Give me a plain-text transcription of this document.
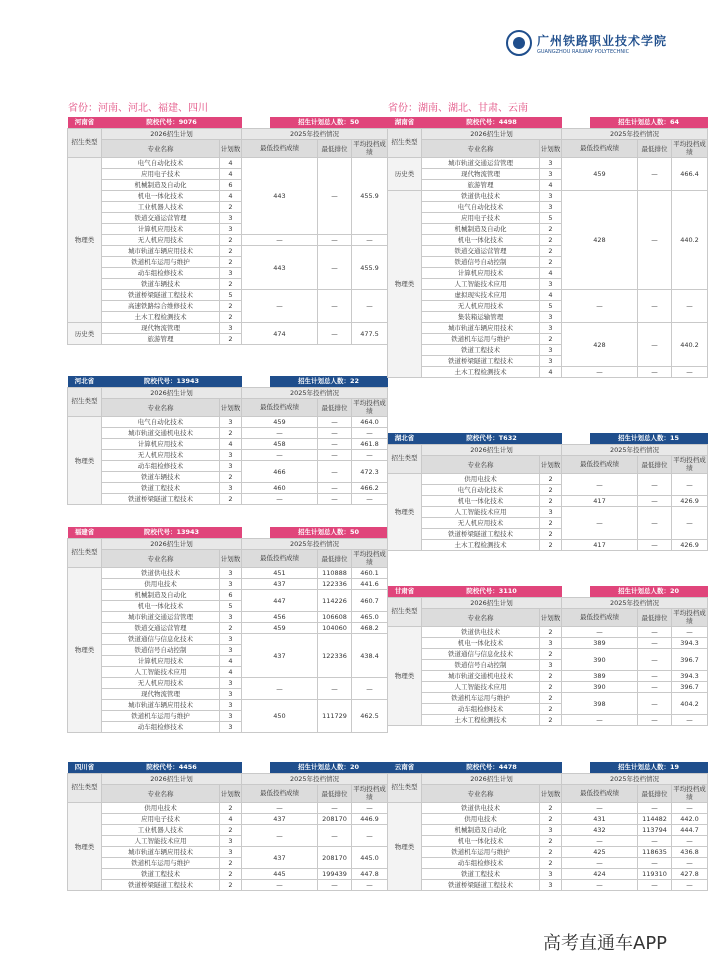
广州铁路职业技术学院
GUANGZHOU RAILWAY POLYTECHNIC
省份：河南、河北、福建、四川	省份：湖南、湖北、甘肃、云南
河南省	院校代号：9076			招生计划总人数：50		
招生类型	2026招生计划		2025年投档情况			
	专业名称	计划数	最低投档成绩		最低排位	平均投档成绩
物理类	电气自动化技术	4	443		—	455.9
	应用电子技术	4				
	机械制造及自动化	6				
	机电一体化技术	4				
	工业机器人技术	2				
	铁道交通运营管理	3				
	计算机应用技术	3				
	无人机应用技术	2	—		—	—
	城市轨道车辆应用技术	2	443		—	455.9
	铁道机车运用与维护	2				
	动车组检修技术	3				
	铁道车辆技术	2				
	铁道桥梁隧道工程技术	5	—		—	—
	高速铁路综合维修技术	2				
	土木工程检测技术	2				
历史类	现代物流管理	3	474		—	477.5
	旅游管理	2				
河北省	院校代号：13943			招生计划总人数：22		
招生类型	2026招生计划		2025年投档情况			
	专业名称	计划数	最低投档成绩		最低排位	平均投档成绩
物理类	电气自动化技术	3	459		—	464.0
	城市轨道交通机电技术	2	—		—	—
	计算机应用技术	4	458		—	461.8
	无人机应用技术	3	—		—	—
	动车组检修技术	3	466		—	472.3
	铁道车辆技术	2				
	铁道工程技术	3	460		—	466.2
	铁道桥梁隧道工程技术	2	—		—	—
福建省	院校代号：13943			招生计划总人数：50		
招生类型	2026招生计划		2025年投档情况			
	专业名称	计划数	最低投档成绩		最低排位	平均投档成绩
物理类	铁道供电技术	3	451		110888	460.1
	供用电技术	3	437		122336	441.6
	机械制造及自动化	6	447		114226	460.7
	机电一体化技术	5				
	城市轨道交通运营管理	3	456		106608	465.0
	铁道交通运营管理	2	459		104060	468.2
	铁道通信与信息化技术	3	437		122336	438.4
	铁道信号自动控制	3				
	计算机应用技术	4				
	人工智能技术应用	4				
	无人机应用技术	3	—		—	—
	现代物流管理	3				
	城市轨道车辆应用技术	3	450		111729	462.5
	铁道机车运用与维护	3				
	动车组检修技术	3				
四川省	院校代号：4456			招生计划总人数：20		
招生类型	2026招生计划		2025年投档情况			
	专业名称	计划数	最低投档成绩		最低排位	平均投档成绩
物理类	供用电技术	2	—		—	—
	应用电子技术	4	437		208170	446.9
	工业机器人技术	2	—		—	—
	人工智能技术应用	3				
	城市轨道车辆应用技术	3	437		208170	445.0
	铁道机车运用与维护	2				
	铁道工程技术	2	445		199439	447.8
	铁道桥梁隧道工程技术	2	—		—	—
湖南省	院校代号：4498			招生计划总人数：64		
招生类型	2026招生计划		2025年投档情况			
	专业名称	计划数	最低投档成绩		最低排位	平均投档成绩
历史类	城市轨道交通运营管理	3	459		—	466.4
	现代物流管理	3				
	旅游管理	4				
物理类	铁道供电技术	3	428		—	440.2
	电气自动化技术	3				
	应用电子技术	5				
	机械制造及自动化	2				
	机电一体化技术	2				
	铁道交通运营管理	2				
	铁道信号自动控制	2				
	计算机应用技术	4				
	人工智能技术应用	3				
	虚拟现实技术应用	4	—		—	—
	无人机应用技术	5				
	集装箱运输管理	3				
	城市轨道车辆应用技术	3	428		—	440.2
	铁道机车运用与维护	2				
	铁道工程技术	3				
	铁道桥梁隧道工程技术	3				
	土木工程检测技术	4	—		—	—
湖北省	院校代号：T632			招生计划总人数：15		
招生类型	2026招生计划		2025年投档情况			
	专业名称	计划数	最低投档成绩		最低排位	平均投档成绩
物理类	供用电技术	2	—		—	—
	电气自动化技术	2				
	机电一体化技术	2	417		—	426.9
	人工智能技术应用	3	—		—	—
	无人机应用技术	2				
	铁道桥梁隧道工程技术	2				
	土木工程检测技术	2	417		—	426.9
甘肃省	院校代号：3110			招生计划总人数：20		
招生类型	2026招生计划		2025年投档情况			
	专业名称	计划数	最低投档成绩		最低排位	平均投档成绩
物理类	铁道供电技术	2	—		—	—
	机电一体化技术	3	389		—	394.3
	铁道通信与信息化技术	2	390		—	396.7
	铁道信号自动控制	3				
	城市轨道交通机电技术	2	389		—	394.3
	人工智能技术应用	2	390		—	396.7
	铁道机车运用与维护	2	398		—	404.2
	动车组检修技术	2				
	土木工程检测技术	2	—		—	—
云南省	院校代号：4478			招生计划总人数：19		
招生类型	2026招生计划		2025年投档情况			
	专业名称	计划数	最低投档成绩		最低排位	平均投档成绩
物理类	铁道供电技术	2	—		—	—
	供用电技术	2	431		114482	442.0
	机械制造及自动化	3	432		113794	444.7
	机电一体化技术	2	—		—	—
	铁道机车运用与维护	2	425		118635	436.8
	动车组检修技术	2	—		—	—
	铁道工程技术	3	424		119310	427.8
	铁道桥梁隧道工程技术	3	—		—	—
高考直通车APP
